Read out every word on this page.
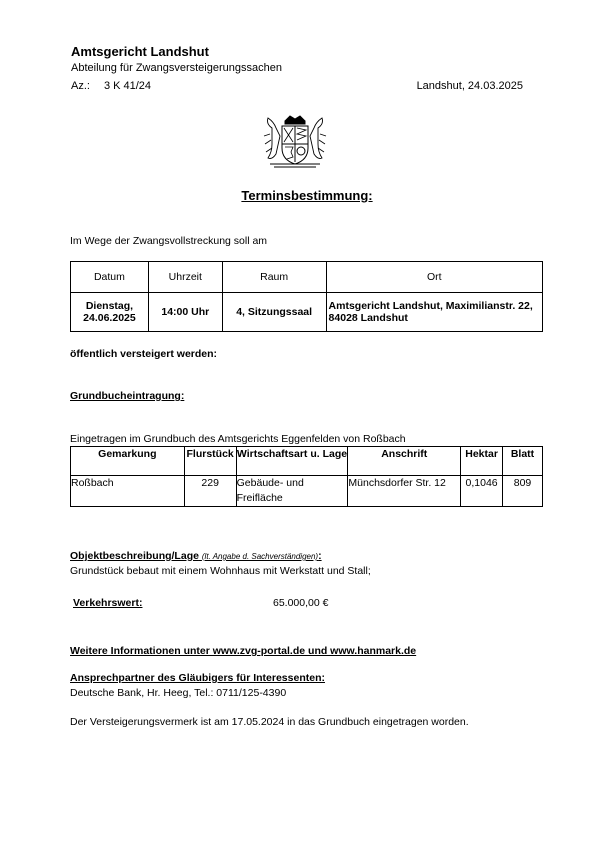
Amtsgericht Landshut
Abteilung für Zwangsversteigerungssachen
Az.: 3 K 41/24	Landshut, 24.03.2025
Terminsbestimmung:
Im Wege der Zwangsvollstreckung soll am
Datum	Uhrzeit	Raum	Ort
Dienstag,
24.06.2025	14:00 Uhr	4, Sitzungssaal	Amtsgericht Landshut, Maximilianstr. 22, 84028 Landshut
öffentlich versteigert werden:
Grundbucheintragung:
Eingetragen im Grundbuch des Amtsgerichts Eggenfelden von Roßbach
Gemarkung	Flurstück	Wirtschaftsart u. Lage	Anschrift	Hektar	Blatt
Roßbach	229	Gebäude- und Freifläche	Münchsdorfer Str. 12	0,1046	809
Objektbeschreibung/Lage (lt. Angabe d. Sachverständigen):
Grundstück bebaut mit einem Wohnhaus mit Werkstatt und Stall;
Verkehrswert:	65.000,00 €
Weitere Informationen unter www.zvg-portal.de und www.hanmark.de
Ansprechpartner des Gläubigers für Interessenten:
Deutsche Bank, Hr. Heeg, Tel.: 0711/125-4390
Der Versteigerungsvermerk ist am 17.05.2024 in das Grundbuch eingetragen worden.
